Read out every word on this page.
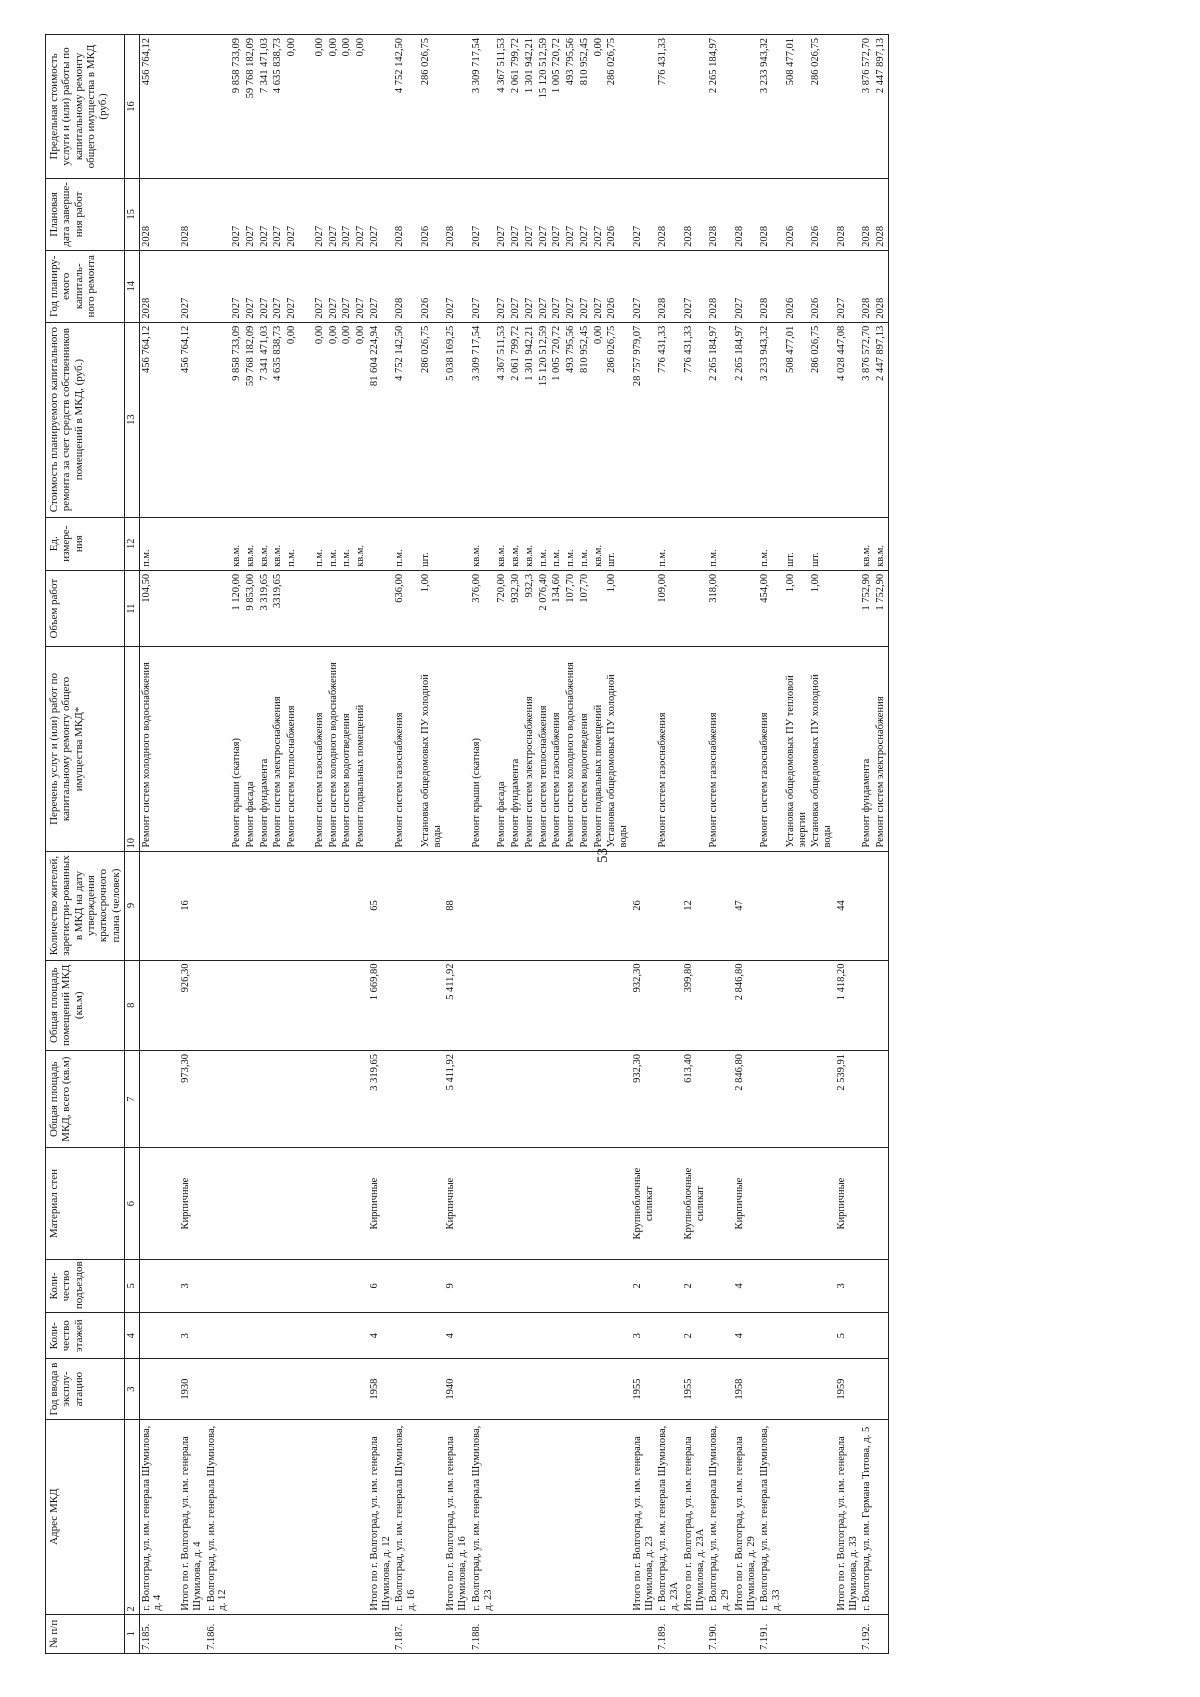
53
№ п/п	Адрес МКД	Год ввода в эксплу-атацию	Коли-чество этажей	Коли-чество подъездов	Материал стен	Общая площадь МКД, всего (кв.м)	Общая площадь помещений МКД (кв.м)	Количество жителей, зарегистри-рованных в МКД на дату утверждения краткосрочного плана (человек)	Перечень услуг и (или) работ по капитальному ремонту общего имущества МКД*	Объем работ	Ед. измере-ния	Стоимость планируемого капитального ремонта за счет средств собственников помещений в МКД, (руб.)	Год планиру-емого капиталь-ного ремонта	Плановая дата заверше-ния работ	Предельная стоимость услуги и (или) работы по капитальному ремонту общего имущества в МКД (руб.)
1	2	3	4	5	6	7	8	9	10	11	12	13	14	15	16
7.185.	г. Волгоград, ул. им. генерала Шумилова, д. 4								Ремонт систем холодного водоснабжения	104,50	п.м.	456 764,12	2028	2028	456 764,12

	Итого по г. Волгоград, ул. им. генерала Шумилова, д. 4	1930	3	3	Кирпичные	973,30	926,30	16				456 764,12	2027	2028	
7.186.	г. Волгоград, ул. им. генерала Шумилова, д. 12														
									Ремонт крыши (скатная)	1 120,00	кв.м.	9 858 733,09	2027	2027	9 858 733,09
									Ремонт фасада	9 853,00	кв.м.	59 768 182,09	2027	2027	59 768 182,09
									Ремонт фундамента	3 319,65	кв.м.	7 341 471,03	2027	2027	7 341 471,03
									Ремонт систем электроснабжения	3319,65	кв.м.	4 635 838,73	2027	2027	4 635 838,73
									Ремонт систем теплоснабжения		п.м.	0,00	2027	2027	0,00

									Ремонт систем газоснабжения		п.м.	0,00	2027	2027	0,00
									Ремонт систем холодного водоснабжения		п.м.	0,00	2027	2027	0,00
									Ремонт систем водоотведения		п.м.	0,00	2027	2027	0,00
									Ремонт подвальных помещений		кв.м.	0,00	2027	2027	0,00
	Итого по г. Волгоград, ул. им. генерала Шумилова, д. 12	1958	4	6	Кирпичные	3 319,65	1 669,80	65				81 604 224,94	2027	2027	
7.187.	г. Волгоград, ул. им. генерала Шумилова, д. 16								Ремонт систем газоснабжения	636,00	п.м.	4 752 142,50	2028	2028	4 752 142,50
									Установка общедомовых ПУ холодной воды	1,00	шт.	286 026,75	2026	2026	286 026,75
	Итого по г. Волгоград, ул. им. генерала Шумилова, д. 16	1940	4	9	Кирпичные	5 411,92	5 411,92	88				5 038 169,25	2027	2028	
7.188.	г. Волгоград, ул. им. генерала Шумилова, д. 23								Ремонт крыши (скатная)	376,00	кв.м.	3 309 717,54	2027	2027	3 309 717,54
									Ремонт фасада	720,00	кв.м.	4 367 511,53	2027	2027	4 367 511,53
									Ремонт фундамента	932,30	кв.м.	2 061 799,72	2027	2027	2 061 799,72
									Ремонт систем электроснабжения	932,3	кв.м.	1 301 942,21	2027	2027	1 301 942,21
									Ремонт систем теплоснабжения	2 076,40	п.м.	15 120 512,59	2027	2027	15 120 512,59
									Ремонт систем газоснабжения	134,60	п.м.	1 005 720,72	2027	2027	1 005 720,72
									Ремонт систем холодного водоснабжения	107,70	п.м.	493 795,56	2027	2027	493 795,56
									Ремонт систем водоотведения	107,70	п.м.	810 952,45	2027	2027	810 952,45
									Ремонт подвальных помещений		кв.м.	0,00	2027	2027	0,00
									Установка общедомовых ПУ холодной воды	1,00	шт.	286 026,75	2026	2026	286 026,75
	Итого по г. Волгоград, ул. им. генерала Шумилова, д. 23	1955	3	2	Крупноблочные силикат	932,30	932,30	26				28 757 979,07	2027	2027	
7.189.	г. Волгоград, ул. им. генерала Шумилова, д. 23А								Ремонт систем газоснабжения	109,00	п.м.	776 431,33	2028	2028	776 431,33
	Итого по г. Волгоград, ул. им. генерала Шумилова, д. 23А	1955	2	2	Крупноблочные силикат	613,40	399,80	12				776 431,33	2027	2028	
7.190.	г. Волгоград, ул. им. генерала Шумилова, д. 29								Ремонт систем газоснабжения	318,00	п.м.	2 265 184,97	2028	2028	2 265 184,97
	Итого по г. Волгоград, ул. им. генерала Шумилова, д. 29	1958	4	4	Кирпичные	2 846,80	2 846,80	47				2 265 184,97	2027	2028	
7.191.	г. Волгоград, ул. им. генерала Шумилова, д. 33								Ремонт систем газоснабжения	454,00	п.м.	3 233 943,32	2028	2028	3 233 943,32
									Установка общедомовых ПУ тепловой энергии	1,00	шт.	508 477,01	2026	2026	508 477,01
									Установка общедомовых ПУ холодной воды	1,00	шт.	286 026,75	2026	2026	286 026,75
	Итого по г. Волгоград, ул. им. генерала Шумилова, д. 33	1959	5	3	Кирпичные	2 539,91	1 418,20	44				4 028 447,08	2027	2028	
7.192.	г. Волгоград, ул. им. Германа Титова, д. 5								Ремонт фундамента	1 752,90	кв.м.	3 876 572,70	2028	2028	3 876 572,70
									Ремонт систем электроснабжения	1 752,90	кв.м.	2 447 897,13	2028	2028	2 447 897,13
